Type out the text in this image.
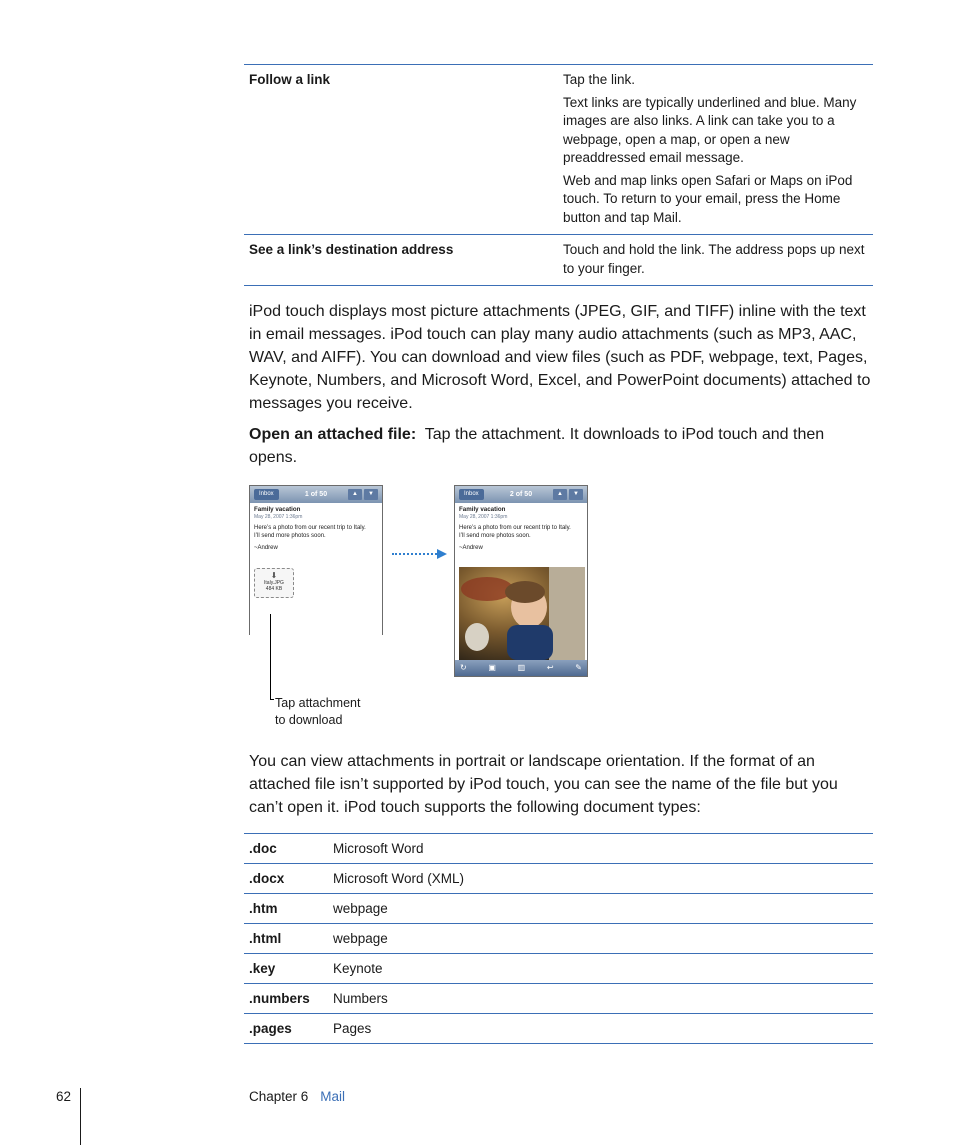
Follow a link	Tap the link.

Text links are typically underlined and blue. Many images are also links. A link can take you to a webpage, open a map, or open a new preaddressed email message.

Web and map links open Safari or Maps on iPod touch. To return to your email, press the Home button and tap Mail.

See a link’s destination address	Touch and hold the link. The address pops up next to your finger.

iPod touch displays most picture attachments (JPEG, GIF, and TIFF) inline with the text in email messages. iPod touch can play many audio attachments (such as MP3, AAC, WAV, and AIFF). You can download and view files (such as PDF, webpage, text, Pages, Keynote, Numbers, and Microsoft Word, Excel, and PowerPoint documents) attached to messages you receive.

Open an attached file: Tap the attachment. It downloads to iPod touch and then opens.

Inbox	1 of 50	▲	▼
Family vacation
May 28, 2007 1:36pm
Here’s a photo from our recent trip to Italy.
I’ll send more photos soon.
~Andrew
⬇
Italy.JPG
484 KB
Tap attachment
to download
Inbox	2 of 50	▲	▼
Family vacation
May 28, 2007 1:36pm
Here’s a photo from our recent trip to Italy.
I’ll send more photos soon.
~Andrew
↻	▣	▥	↩	✎

You can view attachments in portrait or landscape orientation. If the format of an attached file isn’t supported by iPod touch, you can see the name of the file but you can’t open it. iPod touch supports the following document types:

.doc	Microsoft Word
.docx	Microsoft Word (XML)
.htm	webpage
.html	webpage
.key	Keynote
.numbers	Numbers
.pages	Pages
62	Chapter 6 Mail
